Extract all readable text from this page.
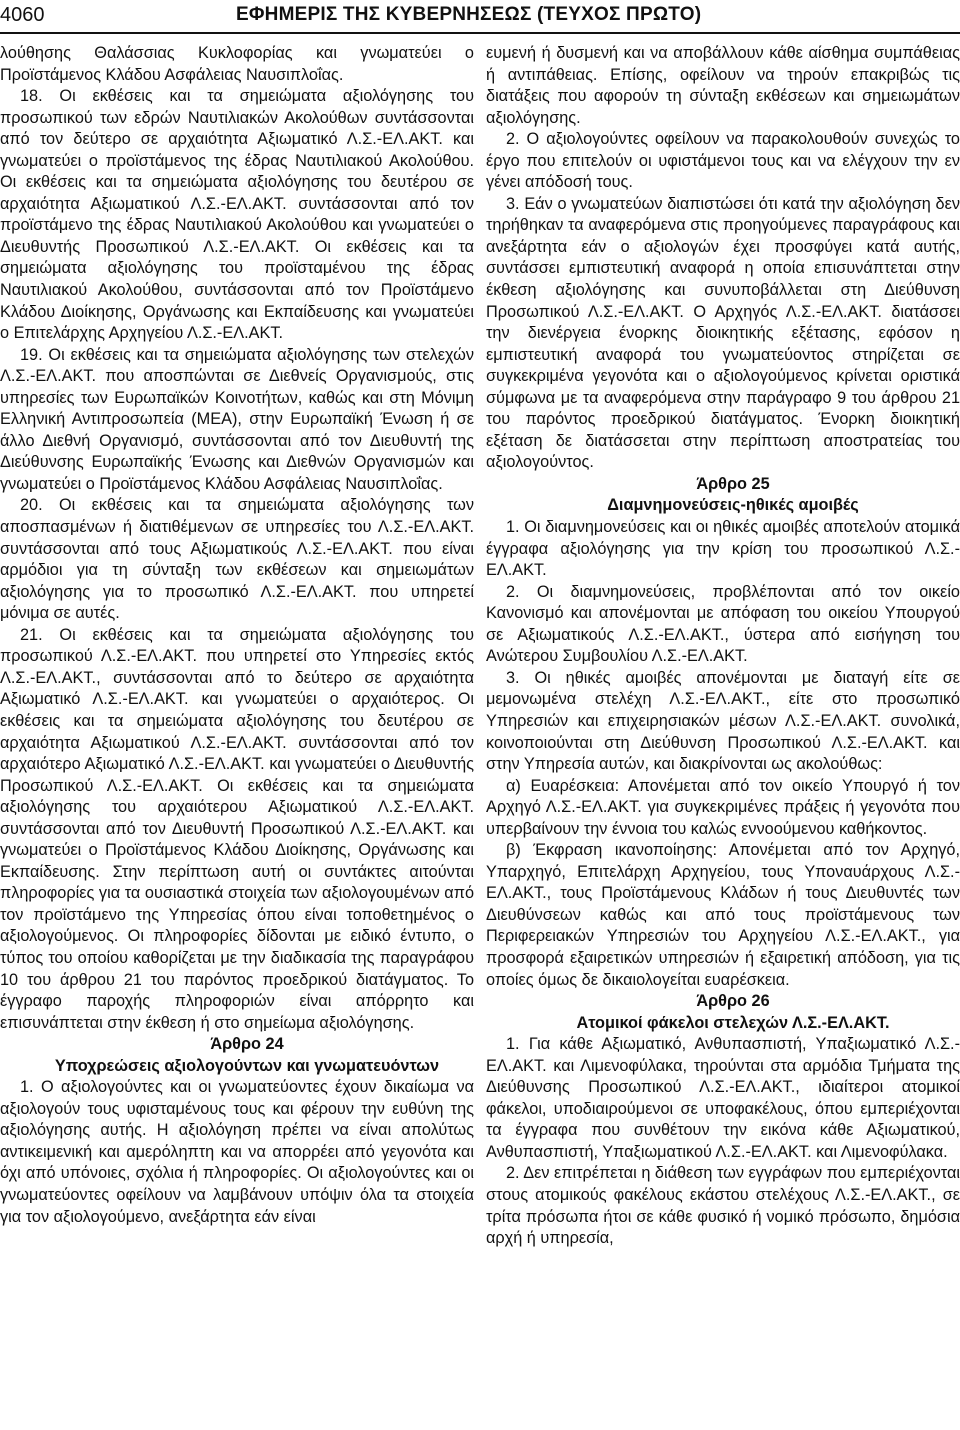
4060	ΕΦΗΜΕΡΙΣ ΤΗΣ ΚΥΒΕΡΝΗΣΕΩΣ (ΤΕΥΧΟΣ ΠΡΩΤΟ)

λούθησης Θαλάσσιας Κυκλοφορίας και γνωματεύει ο Προϊστάμενος Κλάδου Ασφάλειας Ναυσιπλοΐας.

18. Οι εκθέσεις και τα σημειώματα αξιολόγησης του προσωπικού των εδρών Ναυτιλιακών Ακολούθων συντάσσονται από τον δεύτερο σε αρχαιότητα Αξιωματικό Λ.Σ.-ΕΛ.ΑΚΤ. και γνωματεύει ο προϊστάμενος της έδρας Ναυτιλιακού Ακολούθου. Οι εκθέσεις και τα σημειώματα αξιολόγησης του δευτέρου σε αρχαιότητα Αξιωματικού Λ.Σ.-ΕΛ.ΑΚΤ. συντάσσονται από τον προϊστάμενο της έδρας Ναυτιλιακού Ακολούθου και γνωματεύει ο Διευθυντής Προσωπικού Λ.Σ.-ΕΛ.ΑΚΤ. Οι εκθέσεις και τα σημειώματα αξιολόγησης του προϊσταμένου της έδρας Ναυτιλιακού Ακολούθου, συντάσσονται από τον Προϊστάμενο Κλάδου Διοίκησης, Οργάνωσης και Εκπαίδευσης και γνωματεύει ο Επιτελάρχης Αρχηγείου Λ.Σ.-ΕΛ.ΑΚΤ.

19. Οι εκθέσεις και τα σημειώματα αξιολόγησης των στελεχών Λ.Σ.-ΕΛ.ΑΚΤ. που αποσπώνται σε Διεθνείς Οργανισμούς, στις υπηρεσίες των Ευρωπαϊκών Κοινοτήτων, καθώς και στη Μόνιμη Ελληνική Αντιπροσωπεία (ΜΕΑ), στην Ευρωπαϊκή Ένωση ή σε άλλο Διεθνή Οργανισμό, συντάσσονται από τον Διευθυντή της Διεύθυνσης Ευρωπαϊκής Ένωσης και Διεθνών Οργανισμών και γνωματεύει ο Προϊστάμενος Κλάδου Ασφάλειας Ναυσιπλοΐας.

20. Οι εκθέσεις και τα σημειώματα αξιολόγησης των αποσπασμένων ή διατιθέμενων σε υπηρεσίες του Λ.Σ.-ΕΛ.ΑΚΤ. συντάσσονται από τους Αξιωματικούς Λ.Σ.-ΕΛ.ΑΚΤ. που είναι αρμόδιοι για τη σύνταξη των εκθέσεων και σημειωμάτων αξιολόγησης για το προσωπικό Λ.Σ.-ΕΛ.ΑΚΤ. που υπηρετεί μόνιμα σε αυτές.

21. Οι εκθέσεις και τα σημειώματα αξιολόγησης του προσωπικού Λ.Σ.-ΕΛ.ΑΚΤ. που υπηρετεί στο Υπηρεσίες εκτός Λ.Σ.-ΕΛ.ΑΚΤ., συντάσσονται από το δεύτερο σε αρχαιότητα Αξιωματικό Λ.Σ.-ΕΛ.ΑΚΤ. και γνωματεύει ο αρχαιότερος. Οι εκθέσεις και τα σημειώματα αξιολόγησης του δευτέρου σε αρχαιότητα Αξιωματικού Λ.Σ.-ΕΛ.ΑΚΤ. συντάσσονται από τον αρχαιότερο Αξιωματικό Λ.Σ.-ΕΛ.ΑΚΤ. και γνωματεύει ο Διευθυντής Προσωπικού Λ.Σ.-ΕΛ.ΑΚΤ. Οι εκθέσεις και τα σημειώματα αξιολόγησης του αρχαιότερου Αξιωματικού Λ.Σ.-ΕΛ.ΑΚΤ. συντάσσονται από τον Διευθυντή Προσωπικού Λ.Σ.-ΕΛ.ΑΚΤ. και γνωματεύει ο Προϊστάμενος Κλάδου Διοίκησης, Οργάνωσης και Εκπαίδευσης. Στην περίπτωση αυτή οι συντάκτες αιτούνται πληροφορίες για τα ουσιαστικά στοιχεία των αξιολογουμένων από τον προϊστάμενο της Υπηρεσίας όπου είναι τοποθετημένος ο αξιολογούμενος. Οι πληροφορίες δίδονται με ειδικό έντυπο, ο τύπος του οποίου καθορίζεται με την διαδικασία της παραγράφου 10 του άρθρου 21 του παρόντος προεδρικού διατάγματος. Το έγγραφο παροχής πληροφοριών είναι απόρρητο και επισυνάπτεται στην έκθεση ή στο σημείωμα αξιολόγησης.

Άρθρο 24

Υποχρεώσεις αξιολογούντων και γνωματευόντων

1. Ο αξιολογούντες και οι γνωματεύοντες έχουν δικαίωμα να αξιολογούν τους υφισταμένους τους και φέρουν την ευθύνη της αξιολόγησης αυτής. Η αξιολόγηση πρέπει να είναι απολύτως αντικειμενική και αμερόληπτη και να απορρέει από γεγονότα και όχι από υπόνοιες, σχόλια ή πληροφορίες. Οι αξιολογούντες και οι γνωματεύοντες οφείλουν να λαμβάνουν υπόψιν όλα τα στοιχεία για τον αξιολογούμενο, ανεξάρτητα εάν είναι

ευμενή ή δυσμενή και να αποβάλλουν κάθε αίσθημα συμπάθειας ή αντιπάθειας. Επίσης, οφείλουν να τηρούν επακριβώς τις διατάξεις που αφορούν τη σύνταξη εκθέσεων και σημειωμάτων αξιολόγησης.

2. Ο αξιολογούντες οφείλουν να παρακολουθούν συνεχώς το έργο που επιτελούν οι υφιστάμενοι τους και να ελέγχουν την εν γένει απόδοσή τους.

3. Εάν ο γνωματεύων διαπιστώσει ότι κατά την αξιολόγηση δεν τηρήθηκαν τα αναφερόμενα στις προηγούμενες παραγράφους και ανεξάρτητα εάν ο αξιολογών έχει προσφύγει κατά αυτής, συντάσσει εμπιστευτική αναφορά η οποία επισυνάπτεται στην έκθεση αξιολόγησης και συνυποβάλλεται στη Διεύθυνση Προσωπικού Λ.Σ.-ΕΛ.ΑΚΤ. Ο Αρχηγός Λ.Σ.-ΕΛ.ΑΚΤ. διατάσσει την διενέργεια ένορκης διοικητικής εξέτασης, εφόσον η εμπιστευτική αναφορά του γνωματεύοντος στηρίζεται σε συγκεκριμένα γεγονότα και ο αξιολογούμενος κρίνεται οριστικά σύμφωνα με τα αναφερόμενα στην παράγραφο 9 του άρθρου 21 του παρόντος προεδρικού διατάγματος. Ένορκη διοικητική εξέταση δε διατάσσεται στην περίπτωση αποστρατείας του αξιολογούντος.

Άρθρο 25

Διαμνημονεύσεις-ηθικές αμοιβές

1. Οι διαμνημονεύσεις και οι ηθικές αμοιβές αποτελούν ατομικά έγγραφα αξιολόγησης για την κρίση του προσωπικού Λ.Σ.-ΕΛ.ΑΚΤ.

2. Οι διαμνημονεύσεις, προβλέπονται από τον οικείο Κανονισμό και απονέμονται με απόφαση του οικείου Υπουργού σε Αξιωματικούς Λ.Σ.-ΕΛ.ΑΚΤ., ύστερα από εισήγηση του Ανώτερου Συμβουλίου Λ.Σ.-ΕΛ.ΑΚΤ.

3. Οι ηθικές αμοιβές απονέμονται με διαταγή είτε σε μεμονωμένα στελέχη Λ.Σ.-ΕΛ.ΑΚΤ., είτε στο προσωπικό Υπηρεσιών και επιχειρησιακών μέσων Λ.Σ.-ΕΛ.ΑΚΤ. συνολικά, κοινοποιούνται στη Διεύθυνση Προσωπικού Λ.Σ.-ΕΛ.ΑΚΤ. και στην Υπηρεσία αυτών, και διακρίνονται ως ακολούθως:

α) Ευαρέσκεια: Απονέμεται από τον οικείο Υπουργό ή τον Αρχηγό Λ.Σ.-ΕΛ.ΑΚΤ. για συγκεκριμένες πράξεις ή γεγονότα που υπερβαίνουν την έννοια του καλώς εννοούμενου καθήκοντος.

β) Έκφραση ικανοποίησης: Απονέμεται από τον Αρχηγό, Υπαρχηγό, Επιτελάρχη Αρχηγείου, τους Υποναυάρχους Λ.Σ.-ΕΛ.ΑΚΤ., τους Προϊστάμενους Κλάδων ή τους Διευθυντές των Διευθύνσεων καθώς και από τους προϊστάμενους των Περιφερειακών Υπηρεσιών του Αρχηγείου Λ.Σ.-ΕΛ.ΑΚΤ., για προσφορά εξαιρετικών υπηρεσιών ή εξαιρετική απόδοση, για τις οποίες όμως δε δικαιολογείται ευαρέσκεια.

Άρθρο 26

Ατομικοί φάκελοι στελεχών Λ.Σ.-ΕΛ.ΑΚΤ.

1. Για κάθε Αξιωματικό, Ανθυπασπιστή, Υπαξιωματικό Λ.Σ.-ΕΛ.ΑΚΤ. και Λιμενοφύλακα, τηρούνται στα αρμόδια Τμήματα της Διεύθυνσης Προσωπικού Λ.Σ.-ΕΛ.ΑΚΤ., ιδιαίτεροι ατομικοί φάκελοι, υποδιαιρούμενοι σε υποφακέλους, όπου εμπεριέχονται τα έγγραφα που συνθέτουν την εικόνα κάθε Αξιωματικού, Ανθυπασπιστή, Υπαξιωματικού Λ.Σ.-ΕΛ.ΑΚΤ. και Λιμενοφύλακα.

2. Δεν επιτρέπεται η διάθεση των εγγράφων που εμπεριέχονται στους ατομικούς φακέλους εκάστου στελέχους Λ.Σ.-ΕΛ.ΑΚΤ., σε τρίτα πρόσωπα ήτοι σε κάθε φυσικό ή νομικό πρόσωπο, δημόσια αρχή ή υπηρεσία,
